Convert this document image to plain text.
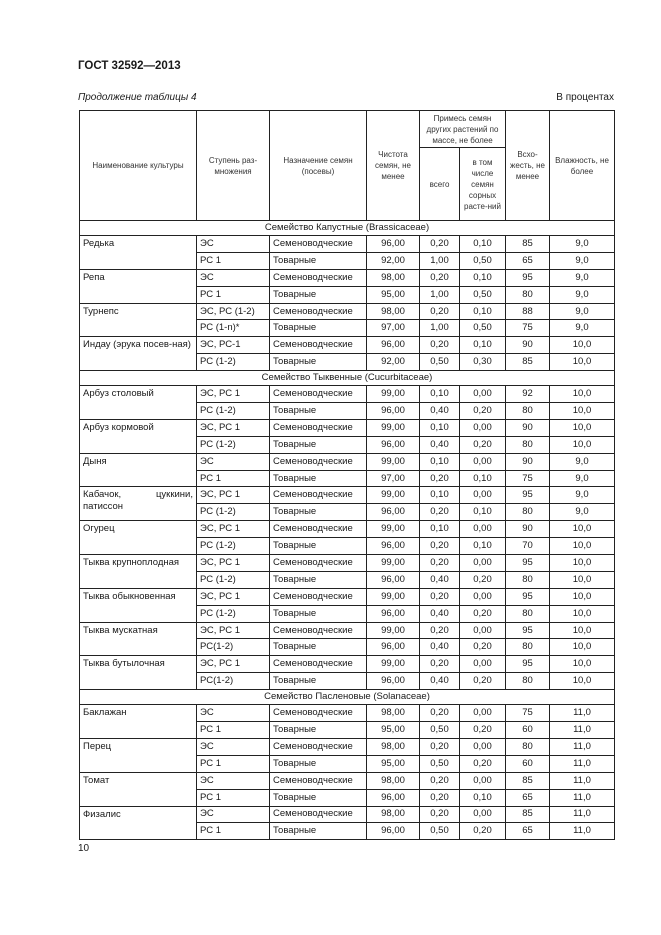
ГОСТ 32592—2013
Продолжение таблицы 4	В процентах
Наименование культуры	Ступень раз-множения	Назначение семян (посевы)	Чистота семян, не менее	Примесь семян других растений по массе, не более		Всхо-жесть, не менее	Влажность, не более
				всего	в том числе семян сорных расте-ний		
Семейство Капустные (Brassicaceae)							
Редька	ЭС	Семеноводческие	96,00	0,20	0,10	85	9,0
	РС 1	Товарные	92,00	1,00	0,50	65	9,0
Репа	ЭС	Семеноводческие	98,00	0,20	0,10	95	9,0
	РС 1	Товарные	95,00	1,00	0,50	80	9,0
Турнепс	ЭС, РС (1-2)	Семеноводческие	98,00	0,20	0,10	88	9,0
	РС (1-n)*	Товарные	97,00	1,00	0,50	75	9,0
Индау (эрука посев-ная)	ЭС, РС-1	Семеноводческие	96,00	0,20	0,10	90	10,0
	РС (1-2)	Товарные	92,00	0,50	0,30	85	10,0
Семейство Тыквенные (Cucurbitaceae)							
Арбуз столовый	ЭС, РС 1	Семеноводческие	99,00	0,10	0,00	92	10,0
	РС (1-2)	Товарные	96,00	0,40	0,20	80	10,0
Арбуз кормовой	ЭС, РС 1	Семеноводческие	99,00	0,10	0,00	90	10,0
	РС (1-2)	Товарные	96,00	0,40	0,20	80	10,0
Дыня	ЭС	Семеноводческие	99,00	0,10	0,00	90	9,0
	РС 1	Товарные	97,00	0,20	0,10	75	9,0
Кабачок, цуккини, патиссон	ЭС, РС 1	Семеноводческие	99,00	0,10	0,00	95	9,0
	РС (1-2)	Товарные	96,00	0,20	0,10	80	9,0
Огурец	ЭС, РС 1	Семеноводческие	99,00	0,10	0,00	90	10,0
	РС (1-2)	Товарные	96,00	0,20	0,10	70	10,0
Тыква крупноплодная	ЭС, РС 1	Семеноводческие	99,00	0,20	0,00	95	10,0
	РС (1-2)	Товарные	96,00	0,40	0,20	80	10,0
Тыква обыкновенная	ЭС, РС 1	Семеноводческие	99,00	0,20	0,00	95	10,0
	РС (1-2)	Товарные	96,00	0,40	0,20	80	10,0
Тыква мускатная	ЭС, РС 1	Семеноводческие	99,00	0,20	0,00	95	10,0
	РС(1-2)	Товарные	96,00	0,40	0,20	80	10,0
Тыква бутылочная	ЭС, РС 1	Семеноводческие	99,00	0,20	0,00	95	10,0
	РС(1-2)	Товарные	96,00	0,40	0,20	80	10,0
Семейство Пасленовые (Solanaceae)							
Баклажан	ЭС	Семеноводческие	98,00	0,20	0,00	75	11,0
	РС 1	Товарные	95,00	0,50	0,20	60	11,0
Перец	ЭС	Семеноводческие	98,00	0,20	0,00	80	11,0
	РС 1	Товарные	95,00	0,50	0,20	60	11,0
Томат	ЭС	Семеноводческие	98,00	0,20	0,00	85	11,0
	РС 1	Товарные	96,00	0,20	0,10	65	11,0
Физалис	ЭС	Семеноводческие	98,00	0,20	0,00	85	11,0
	РС 1	Товарные	96,00	0,50	0,20	65	11,0
10
